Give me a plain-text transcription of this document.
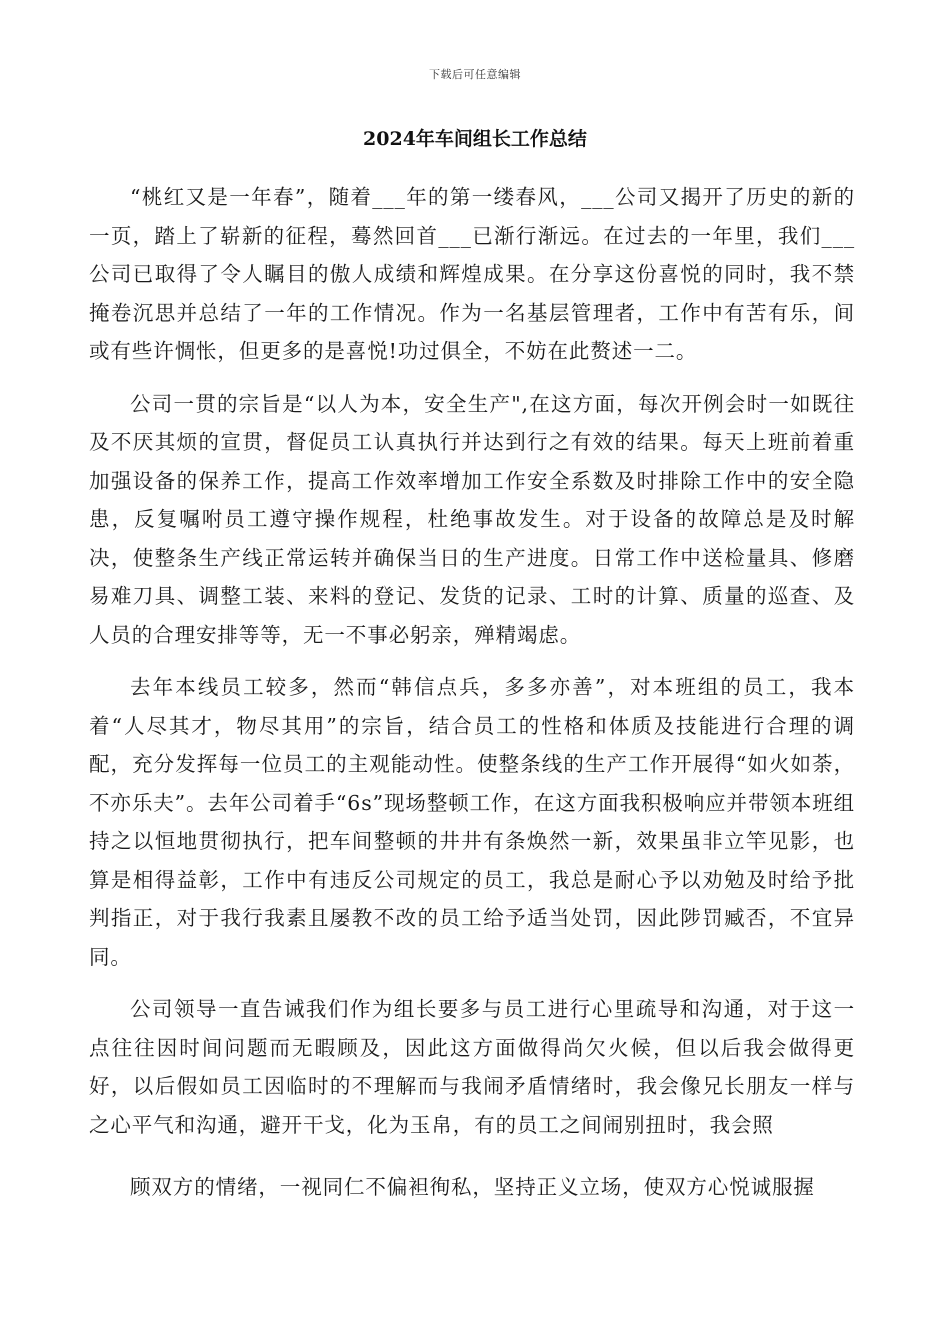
下载后可任意编辑
2024年车间组长工作总结

“桃红又是一年春”，随着___年的第一缕春风，___公司又揭开了历史的新的一页，踏上了崭新的征程，蓦然回首___已渐行渐远。在过去的一年里，我们___公司已取得了令人瞩目的傲人成绩和辉煌成果。在分享这份喜悦的同时，我不禁掩卷沉思并总结了一年的工作情况。作为一名基层管理者，工作中有苦有乐，间或有些许惆怅，但更多的是喜悦!功过俱全，不妨在此赘述一二。

公司一贯的宗旨是“以人为本，安全生产",在这方面，每次开例会时一如既往及不厌其烦的宣贯，督促员工认真执行并达到行之有效的结果。每天上班前着重加强设备的保养工作，提高工作效率增加工作安全系数及时排除工作中的安全隐患，反复嘱咐员工遵守操作规程，杜绝事故发生。对于设备的故障总是及时解决，使整条生产线正常运转并确保当日的生产进度。日常工作中送检量具、修磨易难刀具、调整工装、来料的登记、发货的记录、工时的计算、质量的巡查、及人员的合理安排等等，无一不事必躬亲，殚精竭虑。

去年本线员工较多，然而“韩信点兵，多多亦善”，对本班组的员工，我本着“人尽其才，物尽其用”的宗旨，结合员工的性格和体质及技能进行合理的调配，充分发挥每一位员工的主观能动性。使整条线的生产工作开展得“如火如荼，不亦乐夫”。去年公司着手“6s”现场整顿工作，在这方面我积极响应并带领本班组持之以恒地贯彻执行，把车间整顿的井井有条焕然一新，效果虽非立竿见影，也算是相得益彰，工作中有违反公司规定的员工，我总是耐心予以劝勉及时给予批判指正，对于我行我素且屡教不改的员工给予适当处罚，因此陟罚臧否，不宜异同。

公司领导一直告诫我们作为组长要多与员工进行心里疏导和沟通，对于这一点往往因时间问题而无暇顾及，因此这方面做得尚欠火候，但以后我会做得更好，以后假如员工因临时的不理解而与我闹矛盾情绪时，我会像兄长朋友一样与之心平气和沟通，避开干戈，化为玉帛，有的员工之间闹别扭时，我会照

顾双方的情绪，一视同仁不偏袒徇私，坚持正义立场，使双方心悦诚服握
